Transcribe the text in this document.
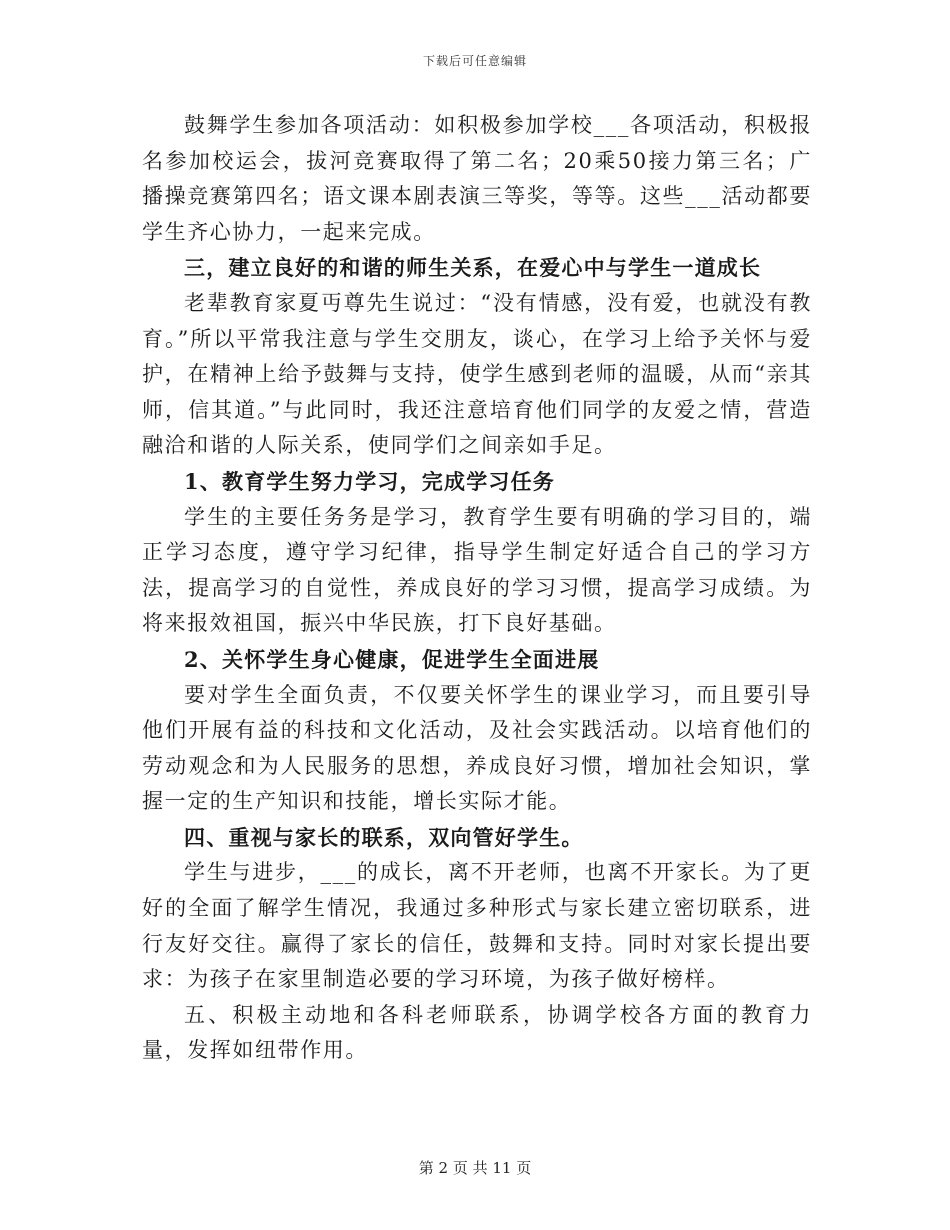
下载后可任意编辑

鼓舞学生参加各项活动：如积极参加学校___各项活动，积极报名参加校运会，拔河竞赛取得了第二名；20乘50接力第三名；广播操竞赛第四名；语文课本剧表演三等奖，等等。这些___活动都要学生齐心协力，一起来完成。

三，建立良好的和谐的师生关系，在爱心中与学生一道成长

老辈教育家夏丏尊先生说过：“没有情感，没有爱，也就没有教育。”所以平常我注意与学生交朋友，谈心，在学习上给予关怀与爱护，在精神上给予鼓舞与支持，使学生感到老师的温暖，从而“亲其师，信其道。”与此同时，我还注意培育他们同学的友爱之情，营造融洽和谐的人际关系，使同学们之间亲如手足。

1、教育学生努力学习，完成学习任务

学生的主要任务务是学习，教育学生要有明确的学习目的，端正学习态度，遵守学习纪律，指导学生制定好适合自己的学习方法，提高学习的自觉性，养成良好的学习习惯，提高学习成绩。为将来报效祖国，振兴中华民族，打下良好基础。

2、关怀学生身心健康，促进学生全面进展

要对学生全面负责，不仅要关怀学生的课业学习，而且要引导他们开展有益的科技和文化活动，及社会实践活动。以培育他们的劳动观念和为人民服务的思想，养成良好习惯，增加社会知识，掌握一定的生产知识和技能，增长实际才能。

四、重视与家长的联系，双向管好学生。

学生与进步，___的成长，离不开老师，也离不开家长。为了更好的全面了解学生情况，我通过多种形式与家长建立密切联系，进行友好交往。赢得了家长的信任，鼓舞和支持。同时对家长提出要求：为孩子在家里制造必要的学习环境，为孩子做好榜样。

五、积极主动地和各科老师联系，协调学校各方面的教育力量，发挥如纽带作用。

第 2 页 共 11 页
